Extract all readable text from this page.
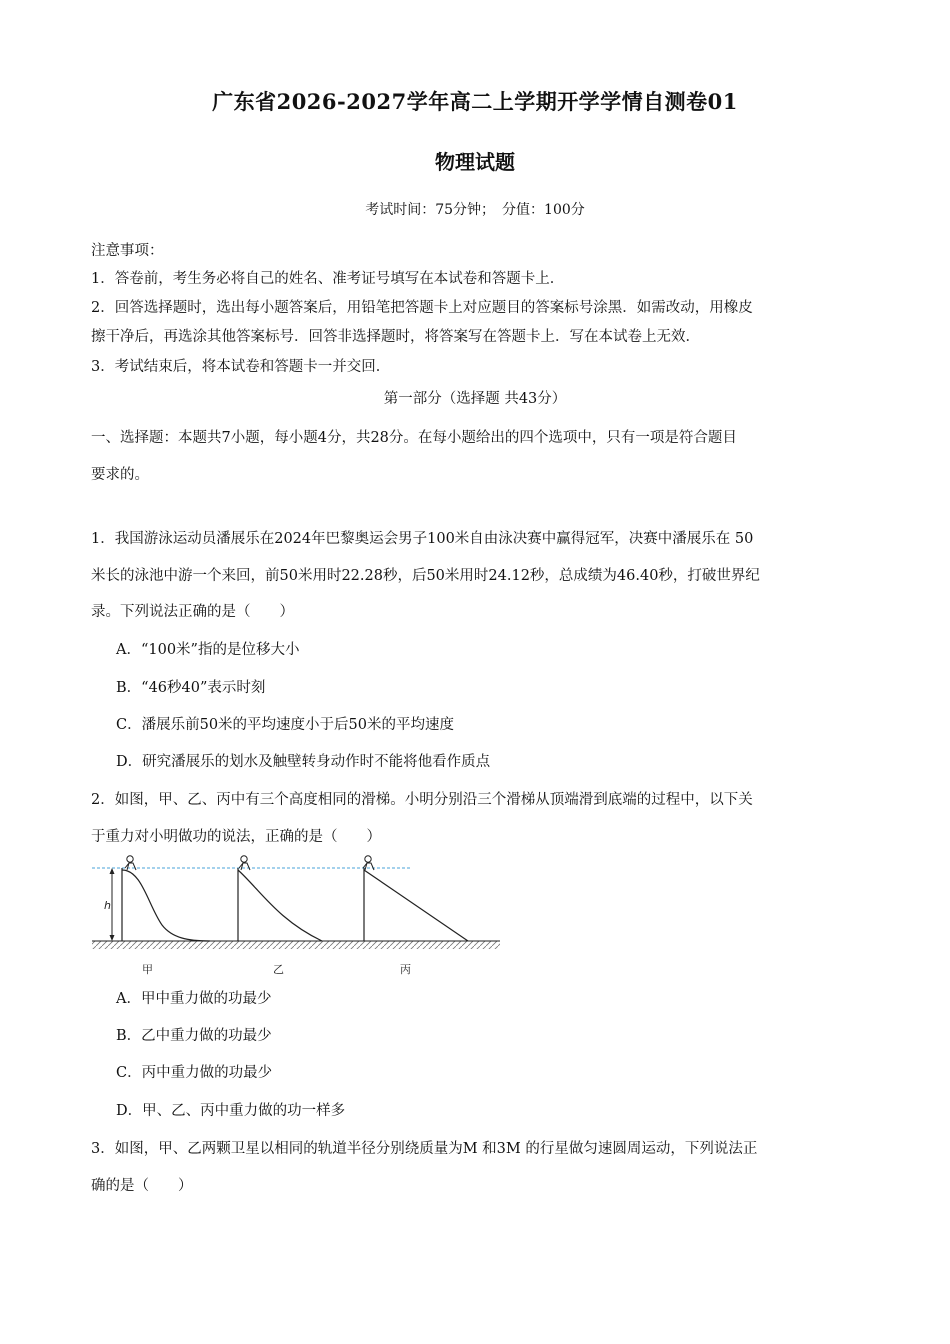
广东省2026-2027学年高二上学期开学学情自测卷01
物理试题
考试时间：75分钟；　分值：100分
注意事项：
1．答卷前，考生务必将自己的姓名、准考证号填写在本试卷和答题卡上．
2．回答选择题时，选出每小题答案后，用铅笔把答题卡上对应题目的答案标号涂黑．如需改动，用橡皮
擦干净后，再选涂其他答案标号．回答非选择题时，将答案写在答题卡上．写在本试卷上无效．
3．考试结束后，将本试卷和答题卡一并交回．
第一部分（选择题 共43分）
一、选择题：本题共7小题，每小题4分，共28分。在每小题给出的四个选项中，只有一项是符合题目
要求的。
1．我国游泳运动员潘展乐在2024年巴黎奥运会男子100米自由泳决赛中赢得冠军，决赛中潘展乐在 50
米长的泳池中游一个来回，前50米用时22.28秒，后50米用时24.12秒，总成绩为46.40秒，打破世界纪
录。下列说法正确的是（　　）
A．“100米”指的是位移大小
B．“46秒40”表示时刻
C．潘展乐前50米的平均速度小于后50米的平均速度
D．研究潘展乐的划水及触壁转身动作时不能将他看作质点
2．如图，甲、乙、丙中有三个高度相同的滑梯。小明分别沿三个滑梯从顶端滑到底端的过程中，以下关
于重力对小明做功的说法，正确的是（　　）
h
甲	乙	丙
A．甲中重力做的功最少
B．乙中重力做的功最少
C．丙中重力做的功最少
D．甲、乙、丙中重力做的功一样多
3．如图，甲、乙两颗卫星以相同的轨道半径分别绕质量为M 和3M 的行星做匀速圆周运动，下列说法正
确的是（　　）
